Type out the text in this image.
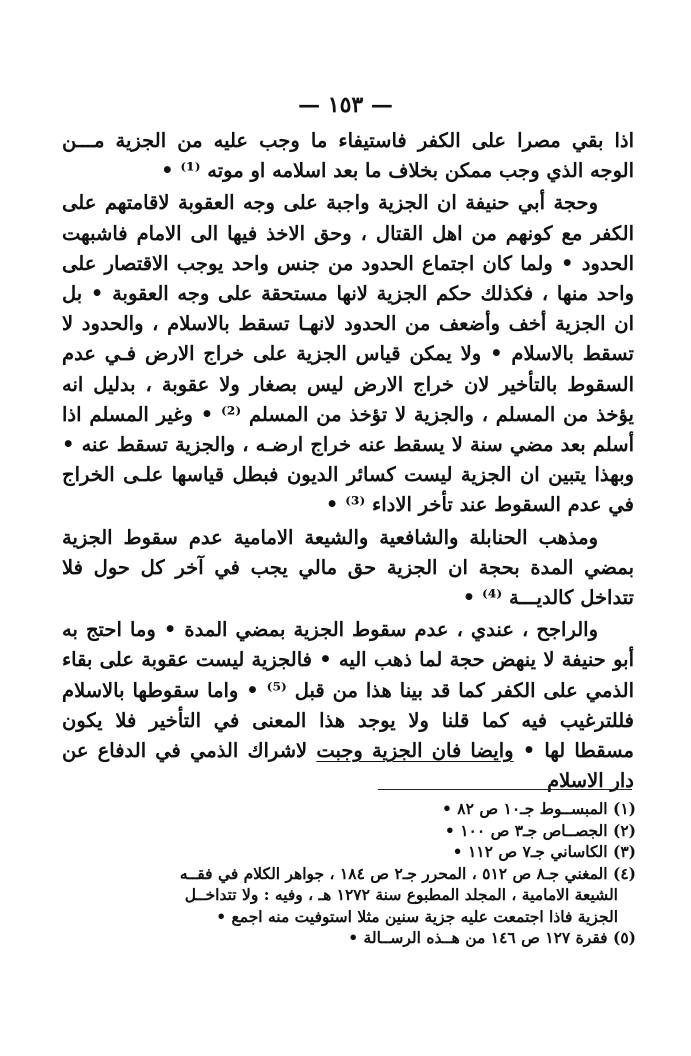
— ١٥٣ —

اذا بقي مصرا على الكفر فاستيفاء ما وجب عليه من الجزية مـــن الوجه الذي وجب ممكن بخلاف ما بعد اسلامه او موته ⁽¹⁾ •

وحجة أبي حنيفة ان الجزية واجبة على وجه العقوبة لاقامتهم على الكفر مع كونهم من اهل القتال ، وحق الاخذ فيها الى الامام فاشبهت الحدود • ولما كان اجتماع الحدود من جنس واحد يوجب الاقتصار على واحد منها ، فكذلك حكم الجزية لانها مستحقة على وجه العقوبة • بل ان الجزية أخف وأضعف من الحدود لانهـا تسقط بالاسلام ، والحدود لا تسقط بالاسلام • ولا يمكن قياس الجزية على خراج الارض فـي عدم السقوط بالتأخير لان خراج الارض ليس بصغار ولا عقوبة ، بدليل انه يؤخذ من المسلم ، والجزية لا تؤخذ من المسلم ⁽²⁾ • وغير المسلم اذا أسلم بعد مضي سنة لا يسقط عنه خراج ارضـه ، والجزية تسقط عنه • وبهذا يتبين ان الجزية ليست كسائر الديون فبطل قياسها علـى الخراج في عدم السقوط عند تأخر الاداء ⁽³⁾ •

ومذهب الحنابلة والشافعية والشيعة الامامية عدم سقوط الجزية بمضي المدة بحجة ان الجزية حق مالي يجب في آخر كل حول فلا تتداخل كالديـــة ⁽⁴⁾ •

والراجح ، عندي ، عدم سقوط الجزية بمضي المدة • وما احتج به أبو حنيفة لا ينهض حجة لما ذهب اليه • فالجزية ليست عقوبة على بقاء الذمي على الكفر كما قد بينا هذا من قبل ⁽⁵⁾ • واما سقوطها بالاسلام فللترغيب فيه كما قلنا ولا يوجد هذا المعنى في التأخير فلا يكون مسقطا لها • وايضا فان الجزية وجبت لاشراك الذمي في الدفاع عن دار الاسلام

(١) المبســوط جـ١٠ ص ٨٢ •

(٢) الجصــاص جـ٣ ص ١٠٠ •

(٣) الكاساني جـ٧ ص ١١٢ •

(٤) المغني جـ٨ ص ٥١٢ ، المحرر جـ٢ ص ١٨٤ ، جواهر الكلام في فقــه

الشيعة الامامية ، المجلد المطبوع سنة ١٢٧٢ هـ ، وفيه : ولا تتداخــل

الجزية فاذا اجتمعت عليه جزية سنين مثلا استوفيت منه اجمع •

(٥) فقرة ١٢٧ ص ١٤٦ من هــذه الرســالة •
